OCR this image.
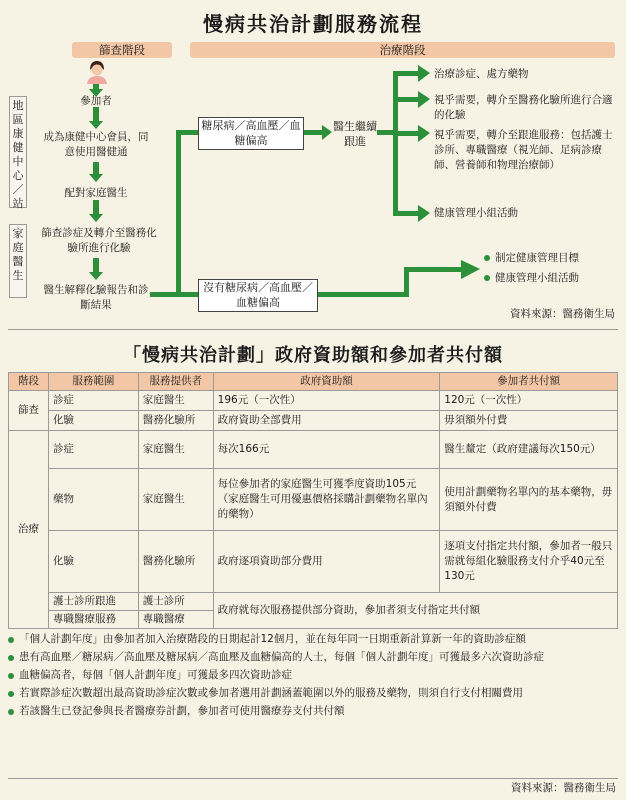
慢病共治計劃服務流程
篩查階段	治療階段
地區康健中心／站
家庭醫生
參加者
成為康健中心會員，同意使用醫健通
配對家庭醫生
篩查診症及轉介至醫務化驗所進行化驗
醫生解釋化驗報告和診斷結果
糖尿病／高血壓／血糖偏高
沒有糖尿病／高血壓／血糖偏高
醫生繼續跟進
治療診症、處方藥物
視乎需要，轉介至醫務化驗所進行合適的化驗
視乎需要，轉介至跟進服務：包括護士診所、專職醫療（視光師、足病診療師、營養師和物理治療師）
健康管理小組活動
制定健康管理目標
健康管理小組活動
資料來源：醫務衛生局
「慢病共治計劃」政府資助額和參加者共付額
階段	服務範圍	服務提供者	政府資助額	參加者共付額
篩查	診症	家庭醫生	196元（一次性）	120元（一次性）
	化驗	醫務化驗所	政府資助全部費用	毋須額外付費
治療	診症	家庭醫生	每次166元	醫生釐定（政府建議每次150元）
	藥物	家庭醫生	每位參加者的家庭醫生可獲季度資助105元（家庭醫生可用優惠價格採購計劃藥物名單內的藥物）	使用計劃藥物名單內的基本藥物，毋須額外付費
	化驗	醫務化驗所	政府逐項資助部分費用	逐項支付指定共付額，參加者一般只需就每組化驗服務支付介乎40元至130元
	護士診所跟進	護士診所	政府就每次服務提供部分資助，參加者須支付指定共付額	
	專職醫療服務	專職醫療		
「個人計劃年度」由參加者加入治療階段的日期起計12個月，並在每年同一日期重新計算新一年的資助診症額
患有高血壓／糖尿病／高血壓及糖尿病／高血壓及血糖偏高的人士，每個「個人計劃年度」可獲最多六次資助診症
血糖偏高者，每個「個人計劃年度」可獲最多四次資助診症
若實際診症次數超出最高資助診症次數或參加者選用計劃涵蓋範圍以外的服務及藥物，則須自行支付相關費用
若該醫生已登記參與長者醫療券計劃，參加者可使用醫療券支付共付額
資料來源：醫務衛生局
